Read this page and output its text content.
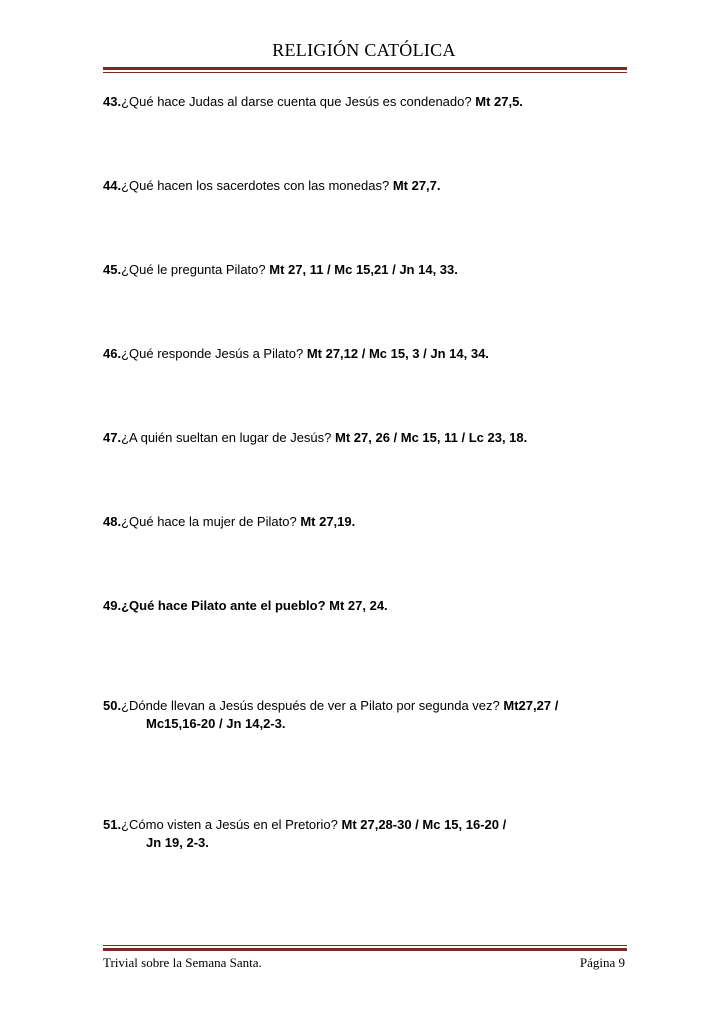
RELIGIÓN CATÓLICA
43.¿Qué hace Judas al darse cuenta que Jesús es condenado? Mt 27,5.
44.¿Qué hacen los sacerdotes con las monedas? Mt 27,7.
45.¿Qué le pregunta Pilato? Mt 27, 11 / Mc 15,21 / Jn 14, 33.
46.¿Qué responde Jesús a Pilato? Mt 27,12 / Mc 15, 3 / Jn 14, 34.
47.¿A quién sueltan en lugar de Jesús? Mt 27, 26 / Mc 15, 11 / Lc 23, 18.
48.¿Qué hace la mujer de Pilato? Mt 27,19.
49.¿Qué hace Pilato ante el pueblo? Mt 27, 24.
50.¿Dónde llevan a Jesús después de ver a Pilato por segunda vez? Mt27,27 /
Mc15,16-20 / Jn 14,2-3.
51.¿Cómo visten a Jesús en el Pretorio? Mt 27,28-30 / Mc 15, 16-20 /
Jn 19, 2-3.
Trivial sobre la Semana Santa.	Página 9
